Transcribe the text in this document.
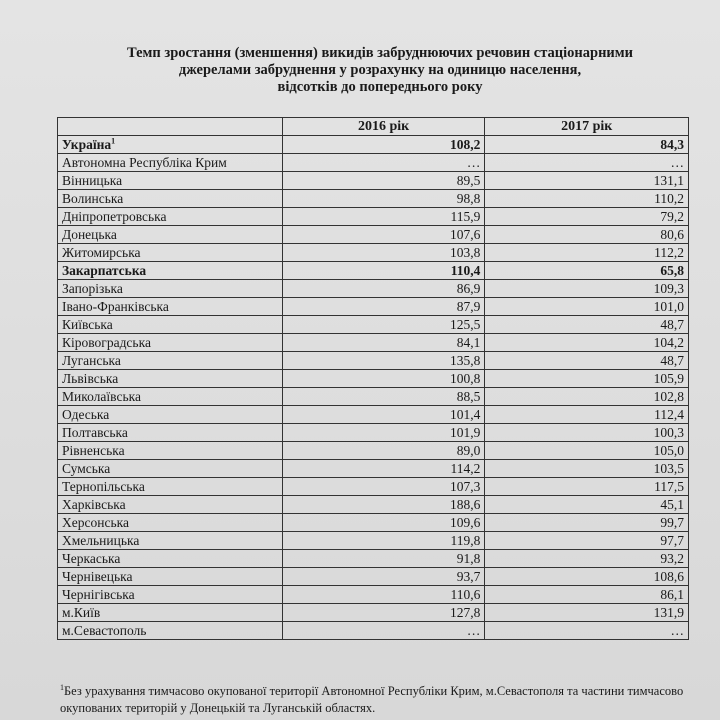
Темп зростання (зменшення) викидів забруднюючих речовин стаціонарними
джерелами забруднення у розрахунку на одиницю населення,
відсотків до попереднього року
	2016 рік	2017 рік
Україна$^1$	108,2	84,3
Автономна Республіка Крим	…	…
Вінницька	89,5	131,1
Волинська	98,8	110,2
Дніпропетровська	115,9	79,2
Донецька	107,6	80,6
Житомирська	103,8	112,2
Закарпатська	110,4	65,8
Запорізька	86,9	109,3
Івано-Франківська	87,9	101,0
Київська	125,5	48,7
Кіровоградська	84,1	104,2
Луганська	135,8	48,7
Львівська	100,8	105,9
Миколаївська	88,5	102,8
Одеська	101,4	112,4
Полтавська	101,9	100,3
Рівненська	89,0	105,0
Сумська	114,2	103,5
Тернопільська	107,3	117,5
Харківська	188,6	45,1
Херсонська	109,6	99,7
Хмельницька	119,8	97,7
Черкаська	91,8	93,2
Чернівецька	93,7	108,6
Чернігівська	110,6	86,1
м.Київ	127,8	131,9
м.Севастополь	…	…
$^1$Без урахування тимчасово окупованої території Автономної Республіки Крим, м.Севастополя та частини тимчасово окупованих територій у Донецькій та Луганській областях.
